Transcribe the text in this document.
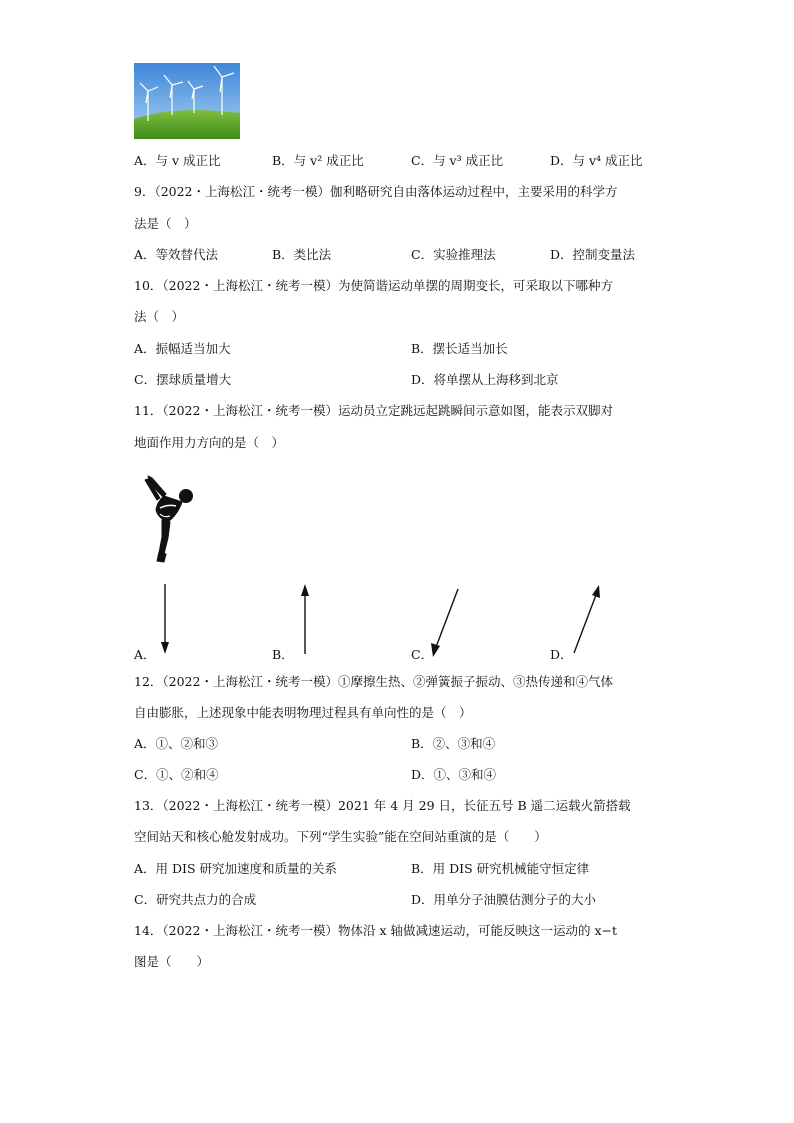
A．与 v 成正比	B．与 v² 成正比	C．与 v³ 成正比	D．与 v⁴ 成正比
9．（2022・上海松江・统考一模）伽利略研究自由落体运动过程中，主要采用的科学方
法是（　）
A．等效替代法	B．类比法	C．实验推理法	D．控制变量法
10．（2022・上海松江・统考一模）为使简谐运动单摆的周期变长，可采取以下哪种方
法（　）
A．振幅适当加大	B．摆长适当加长
C．摆球质量增大	D．将单摆从上海移到北京
11．（2022・上海松江・统考一模）运动员立定跳远起跳瞬间示意如图，能表示双脚对
地面作用力方向的是（　）
A．	B．	C．	D．
12．（2022・上海松江・统考一模）①摩擦生热、②弹簧振子振动、③热传递和④气体
自由膨胀，上述现象中能表明物理过程具有单向性的是（　）
A．①、②和③	B．②、③和④
C．①、②和④	D．①、③和④
13．（2022・上海松江・统考一模）2021 年 4 月 29 日，长征五号 B 遥二运载火箭搭载
空间站天和核心舱发射成功。下列“学生实验”能在空间站重演的是（　　）
A．用 DIS 研究加速度和质量的关系	B．用 DIS 研究机械能守恒定律
C．研究共点力的合成	D．用单分子油膜估测分子的大小
14．（2022・上海松江・统考一模）物体沿 x 轴做减速运动，可能反映这一运动的 x−t
图是（　　）
